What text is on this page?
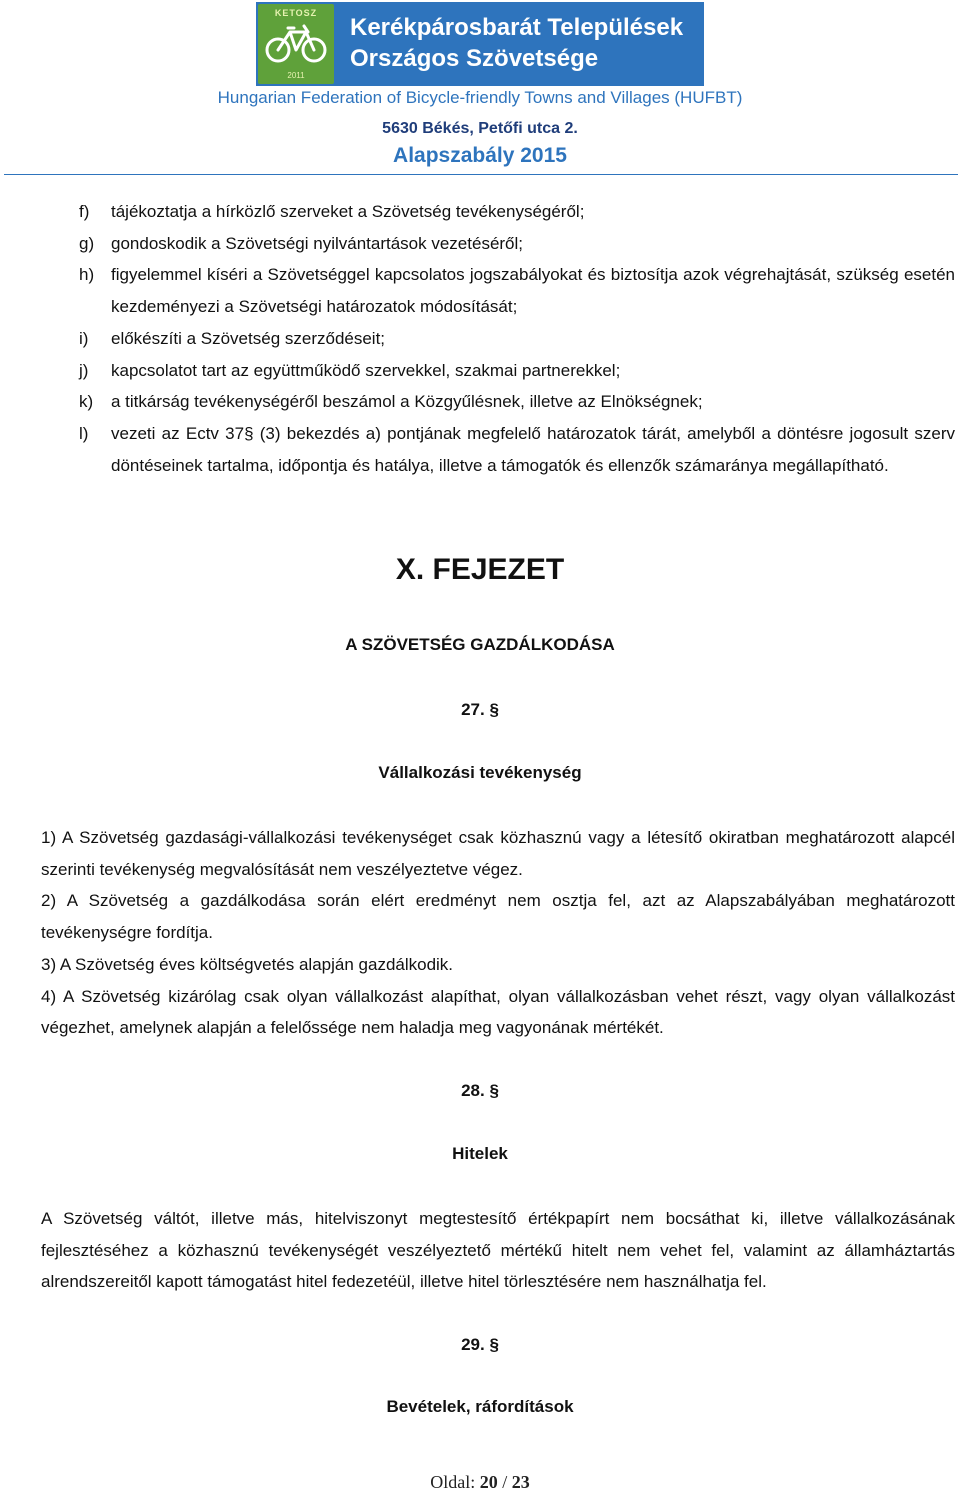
KETOSZ
2011
Kerékpárosbarát Települések
Országos Szövetsége
Hungarian Federation of Bicycle-friendly Towns and Villages (HUFBT)
5630 Békés, Petőfi utca 2.
Alapszabály 2015
f) tájékoztatja a hírközlő szerveket a Szövetség tevékenységéről;
g) gondoskodik a Szövetségi nyilvántartások vezetéséről;
h) figyelemmel kíséri a Szövetséggel kapcsolatos jogszabályokat és biztosítja azok végrehajtását, szükség esetén kezdeményezi a Szövetségi határozatok módosítását;
i) előkészíti a Szövetség szerződéseit;
j) kapcsolatot tart az együttműködő szervekkel, szakmai partnerekkel;
k) a titkárság tevékenységéről beszámol a Közgyűlésnek, illetve az Elnökségnek;
l) vezeti az Ectv 37§ (3) bekezdés a) pontjának megfelelő határozatok tárát, amelyből a döntésre jogosult szerv döntéseinek tartalma, időpontja és hatálya, illetve a támogatók és ellenzők számaránya megállapítható.
X. FEJEZET
A SZÖVETSÉG GAZDÁLKODÁSA
27. §
Vállalkozási tevékenység

1) A Szövetség gazdasági-vállalkozási tevékenységet csak közhasznú vagy a létesítő okiratban meghatározott alapcél szerinti tevékenység megvalósítását nem veszélyeztetve végez.

2) A Szövetség a gazdálkodása során elért eredményt nem osztja fel, azt az Alapszabályában meghatározott tevékenységre fordítja.

3) A Szövetség éves költségvetés alapján gazdálkodik.

4) A Szövetség kizárólag csak olyan vállalkozást alapíthat, olyan vállalkozásban vehet részt, vagy olyan vállalkozást végezhet, amelynek alapján a felelőssége nem haladja meg vagyonának mértékét.

28. §
Hitelek

A Szövetség váltót, illetve más, hitelviszonyt megtestesítő értékpapírt nem bocsáthat ki, illetve vállalkozásának fejlesztéséhez a közhasznú tevékenységét veszélyeztető mértékű hitelt nem vehet fel, valamint az államháztartás alrendszereitől kapott támogatást hitel fedezetéül, illetve hitel törlesztésére nem használhatja fel.

29. §
Bevételek, ráfordítások
Oldal: 20 / 23
